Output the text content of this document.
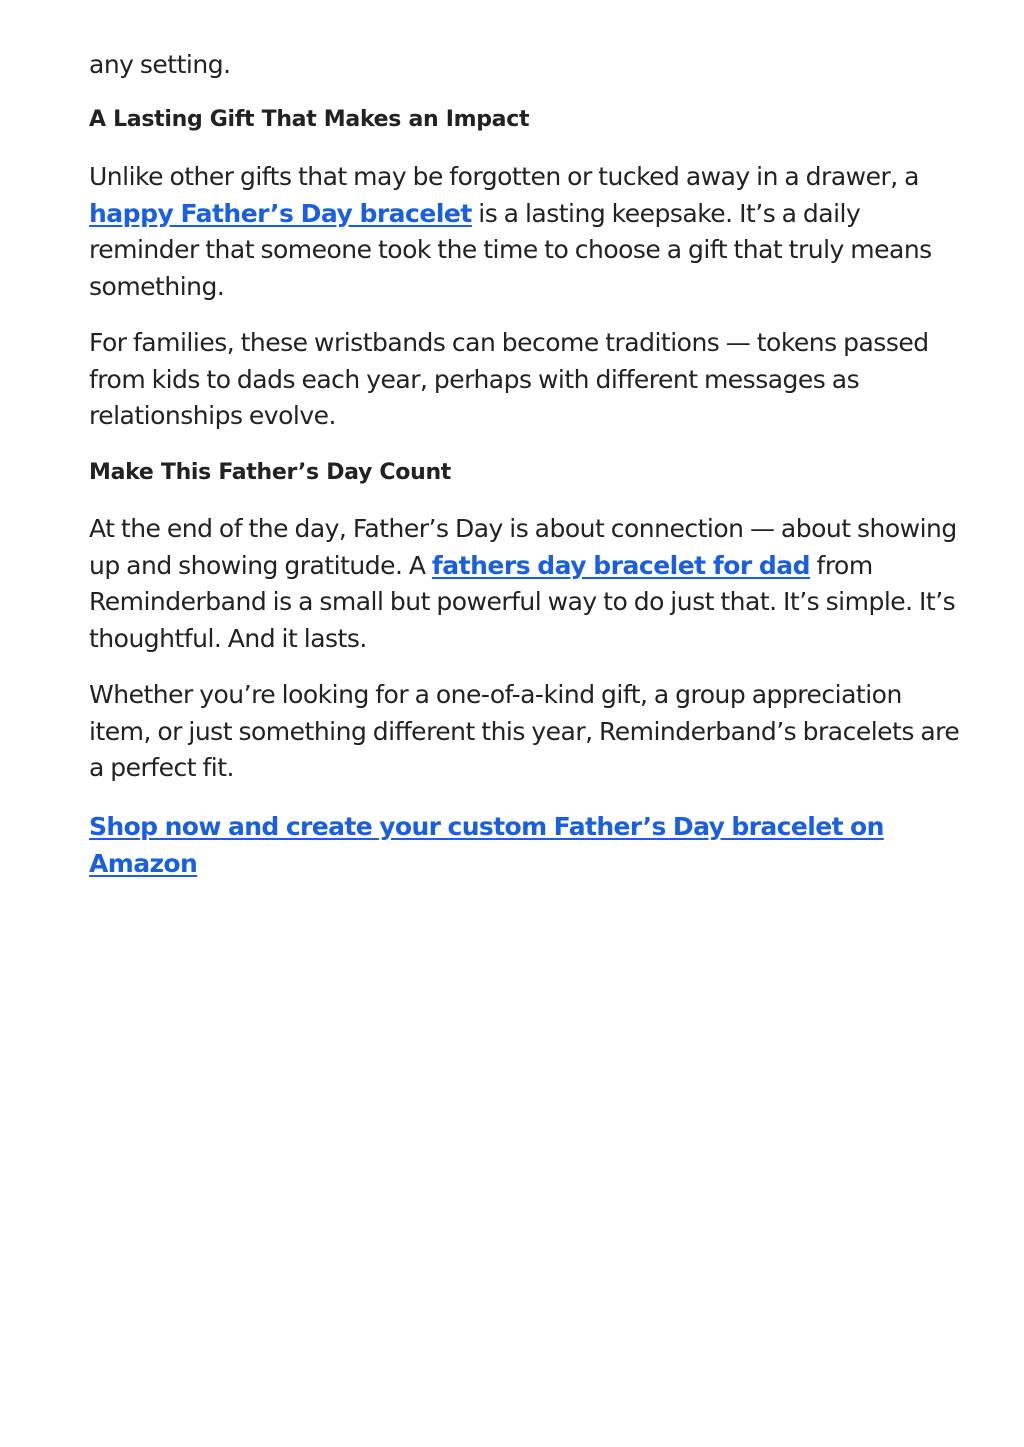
any setting.

A Lasting Gift That Makes an Impact

Unlike other gifts that may be forgotten or tucked away in a drawer, a happy Father’s Day bracelet is a lasting keepsake. It’s a daily reminder that someone took the time to choose a gift that truly means something.

For families, these wristbands can become traditions — tokens passed from kids to dads each year, perhaps with different messages as relationships evolve.

Make This Father’s Day Count

At the end of the day, Father’s Day is about connection — about showing up and showing gratitude. A fathers day bracelet for dad from Reminderband is a small but powerful way to do just that. It’s simple. It’s thoughtful. And it lasts.

Whether you’re looking for a one-of-a-kind gift, a group appreciation item, or just something different this year, Reminderband’s bracelets are a perfect fit.

Shop now and create your custom Father’s Day bracelet on Amazon
